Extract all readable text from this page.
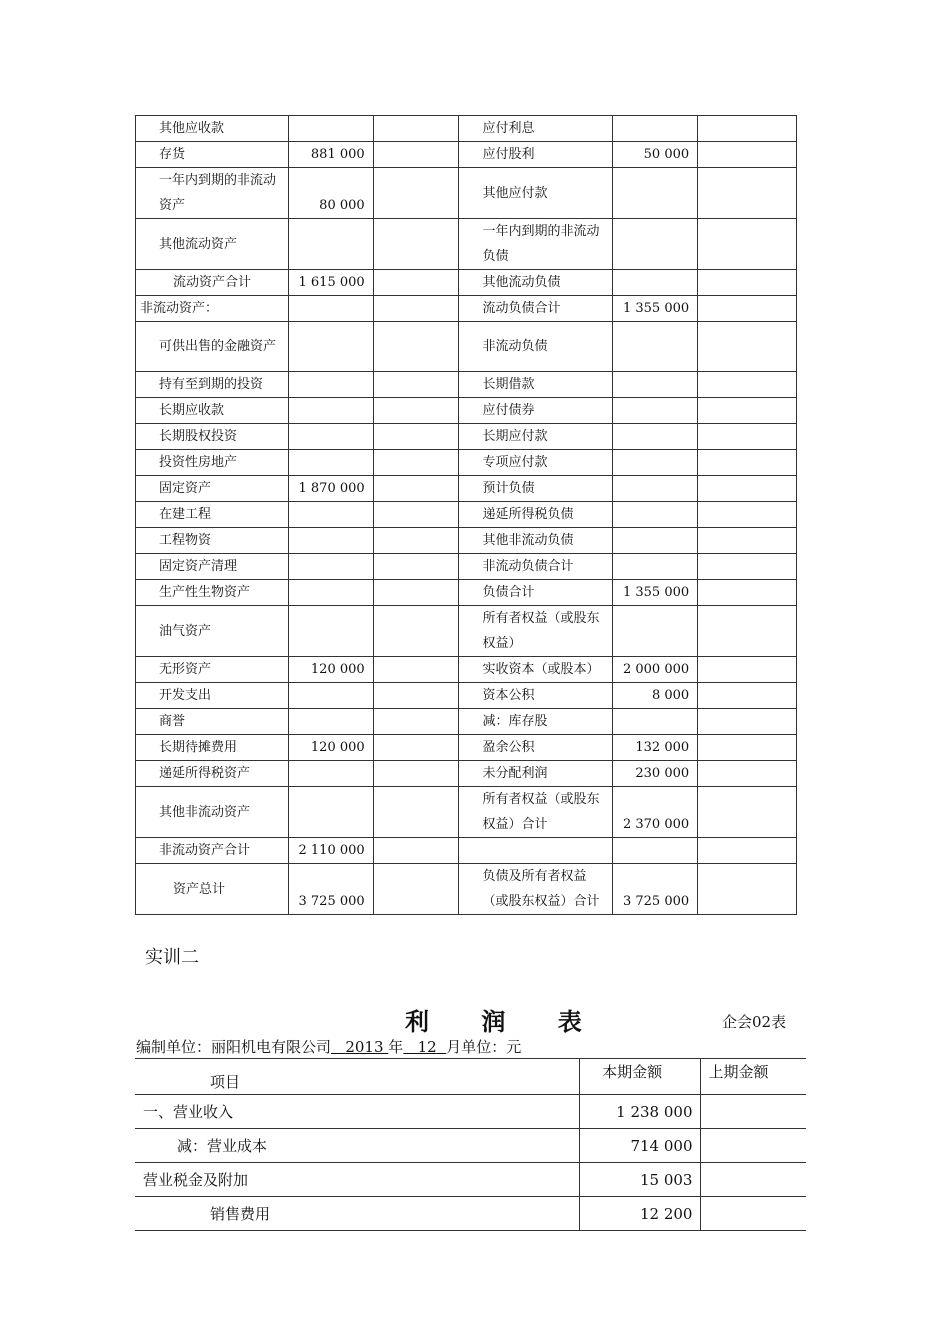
其他应收款			应付利息		
存货	881 000		应付股利	50 000	
一年内到期的非流动资产	80 000		其他应付款		
其他流动资产			一年内到期的非流动负债		
流动资产合计	1 615 000		其他流动负债		
非流动资产：			流动负债合计	1 355 000	
可供出售的金融资产			非流动负债		
持有至到期的投资			长期借款		
长期应收款			应付债券		
长期股权投资			长期应付款		
投资性房地产			专项应付款		
固定资产	1 870 000		预计负债		
在建工程			递延所得税负债		
工程物资			其他非流动负债		
固定资产清理			非流动负债合计		
生产性生物资产			负债合计	1 355 000	
油气资产			所有者权益（或股东权益）		
无形资产	120 000		实收资本（或股本）	2 000 000	
开发支出			资本公积	8 000	
商誉			减：库存股		
长期待摊费用	120 000		盈余公积	132 000	
递延所得税资产			未分配利润	230 000	
其他非流动资产			所有者权益（或股东权益）合计	2 370 000	
非流动资产合计	2 110 000				
资产总计	3 725 000		负债及所有者权益（或股东权益）合计	3 725 000	
实训二
利 润 表	企会02表
编制单位：丽阳机电有限公司 2013 年 12 月单位：元
项目	本期金额	上期金额
一、营业收入	1 238 000	
减：营业成本	714 000	
营业税金及附加	15 003	
销售费用	12 200	
